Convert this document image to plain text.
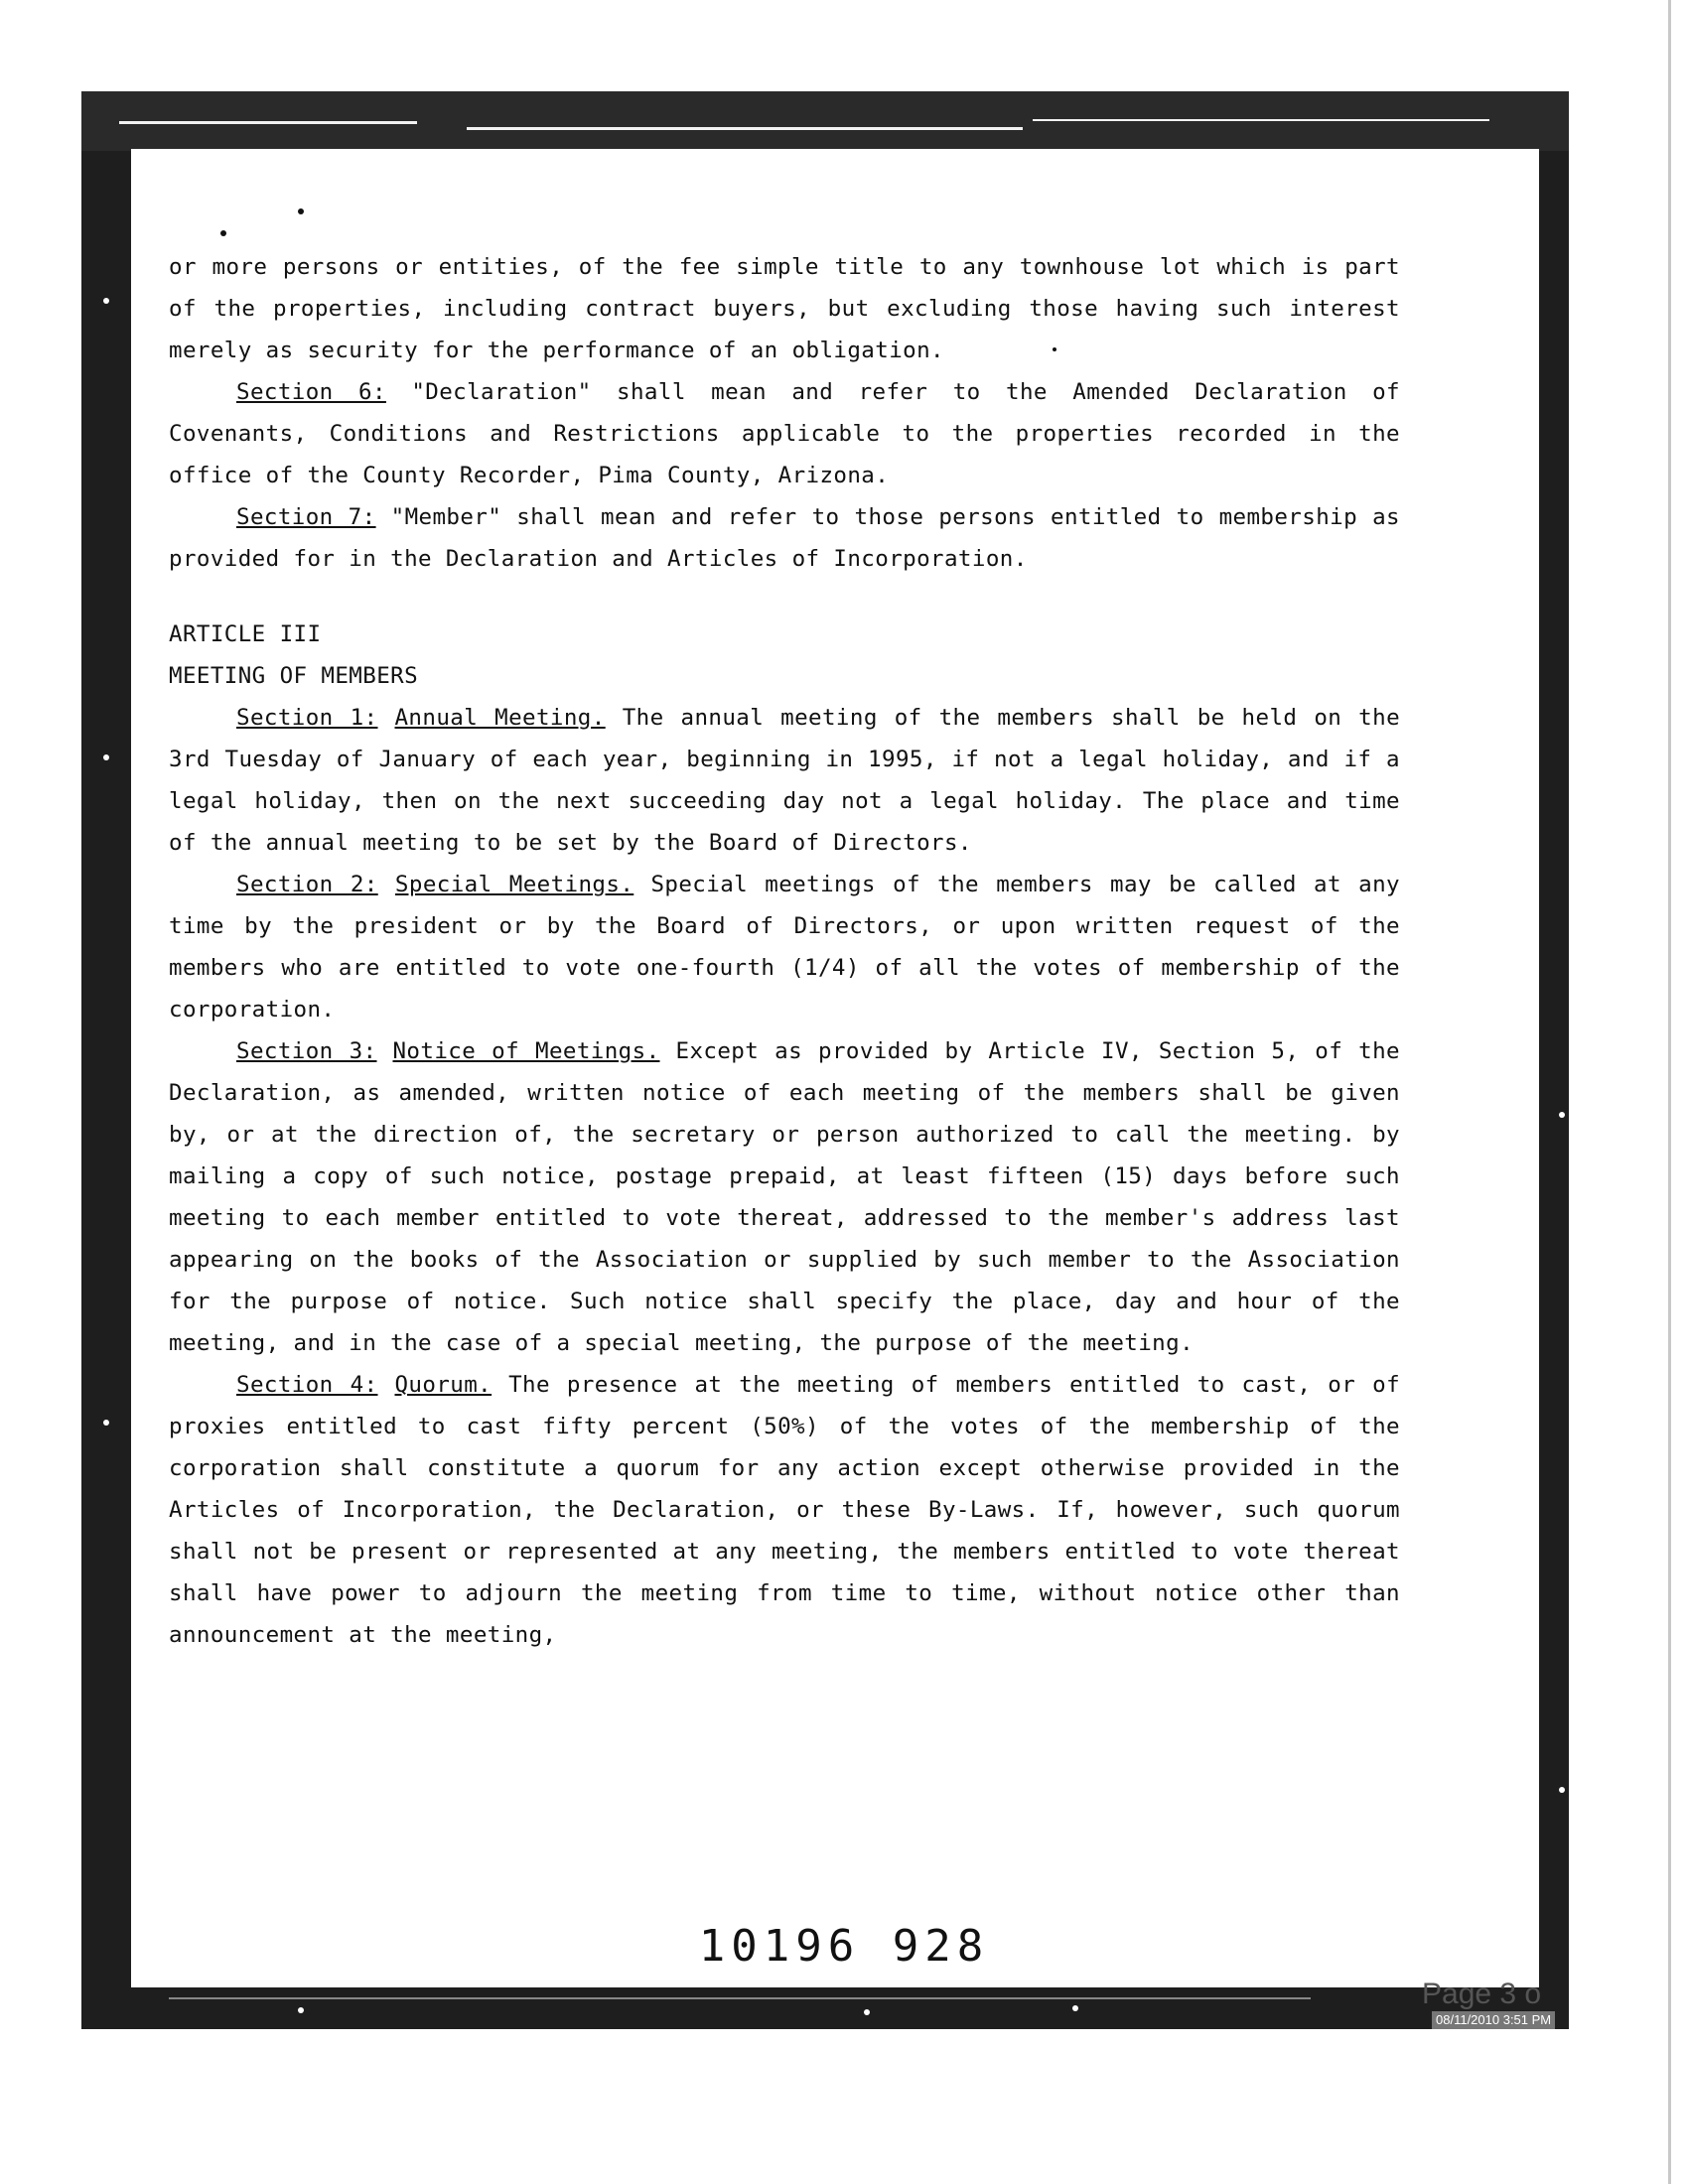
or more persons or entities, of the fee simple title to any townhouse lot which is part of the properties, including contract buyers, but excluding those having such interest merely as security for the performance of an obligation.

Section 6: "Declaration" shall mean and refer to the Amended Declaration of Covenants, Conditions and Restrictions applicable to the properties recorded in the office of the County Recorder, Pima County, Arizona.

Section 7: "Member" shall mean and refer to those persons entitled to membership as provided for in the Declaration and Articles of Incorporation.

ARTICLE III

MEETING OF MEMBERS

Section 1: Annual Meeting. The annual meeting of the members shall be held on the 3rd Tuesday of January of each year, beginning in 1995, if not a legal holiday, and if a legal holiday, then on the next succeeding day not a legal holiday. The place and time of the annual meeting to be set by the Board of Directors.

Section 2: Special Meetings. Special meetings of the members may be called at any time by the president or by the Board of Directors, or upon written request of the members who are entitled to vote one-fourth (1/4) of all the votes of membership of the corporation.

Section 3: Notice of Meetings. Except as provided by Article IV, Section 5, of the Declaration, as amended, written notice of each meeting of the members shall be given by, or at the direction of, the secretary or person authorized to call the meeting. by mailing a copy of such notice, postage prepaid, at least fifteen (15) days before such meeting to each member entitled to vote thereat, addressed to the member's address last appearing on the books of the Association or supplied by such member to the Association for the purpose of notice. Such notice shall specify the place, day and hour of the meeting, and in the case of a special meeting, the purpose of the meeting.

Section 4: Quorum. The presence at the meeting of members entitled to cast, or of proxies entitled to cast fifty percent (50%) of the votes of the membership of the corporation shall constitute a quorum for any action except otherwise provided in the Articles of Incorporation, the Declaration, or these By-Laws. If, however, such quorum shall not be present or represented at any meeting, the members entitled to vote thereat shall have power to adjourn the meeting from time to time, without notice other than announcement at the meeting,

10196 928
Page 3 o
08/11/2010 3:51 PM
